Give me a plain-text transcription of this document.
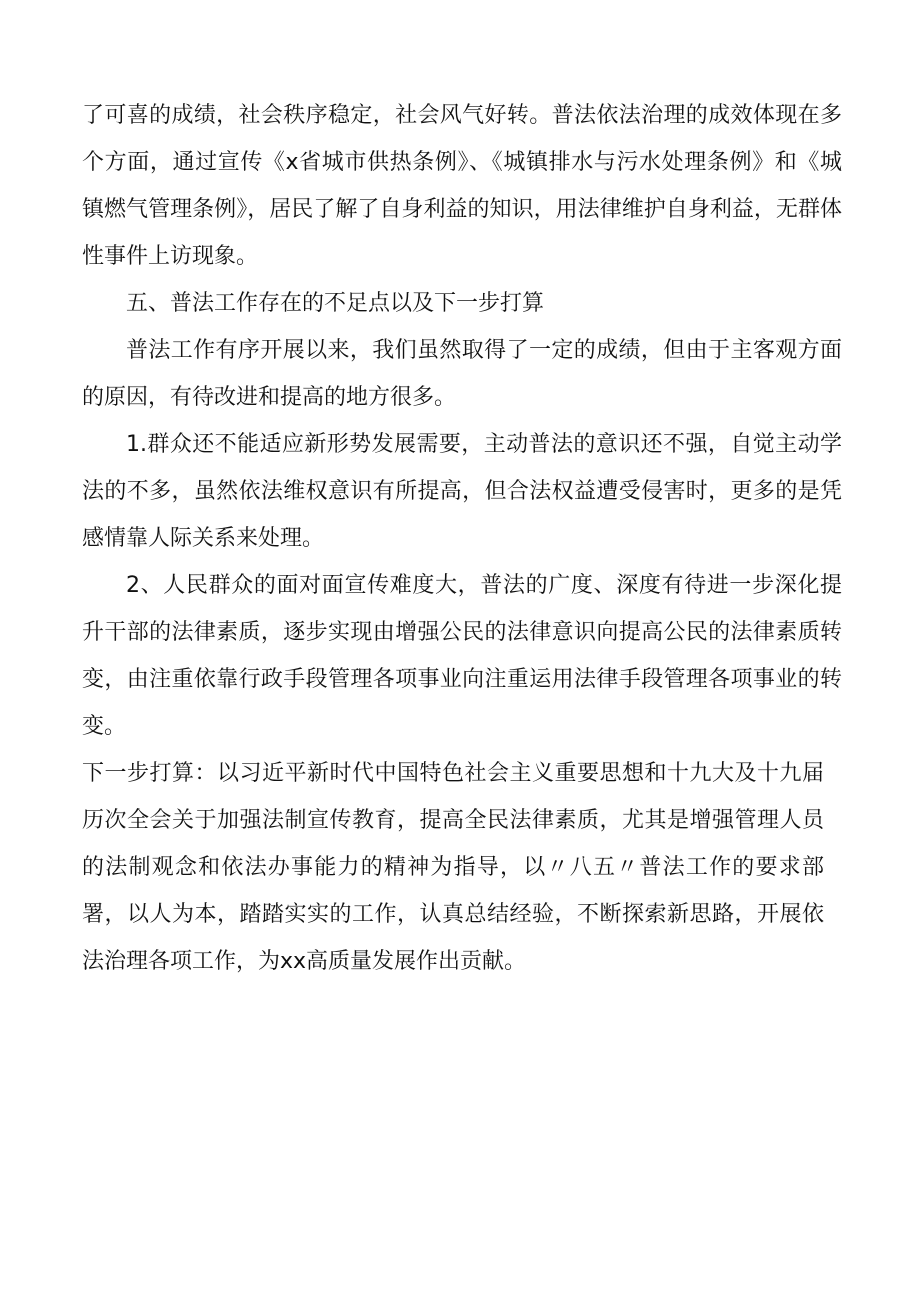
了可喜的成绩，社会秩序稳定，社会风气好转。普法依法治理的成效体现在多个方面，通过宣传《x省城市供热条例》、《城镇排水与污水处理条例》和《城镇燃气管理条例》，居民了解了自身利益的知识，用法律维护自身利益，无群体性事件上访现象。

五、普法工作存在的不足点以及下一步打算

普法工作有序开展以来，我们虽然取得了一定的成绩，但由于主客观方面的原因，有待改进和提高的地方很多。

1.群众还不能适应新形势发展需要，主动普法的意识还不强，自觉主动学法的不多，虽然依法维权意识有所提高，但合法权益遭受侵害时，更多的是凭感情靠人际关系来处理。

2、人民群众的面对面宣传难度大，普法的广度、深度有待进一步深化提升干部的法律素质，逐步实现由增强公民的法律意识向提高公民的法律素质转变，由注重依靠行政手段管理各项事业向注重运用法律手段管理各项事业的转变。

下一步打算：以习近平新时代中国特色社会主义重要思想和十九大及十九届历次全会关于加强法制宣传教育，提高全民法律素质，尤其是增强管理人员的法制观念和依法办事能力的精神为指导，以〃八五〃普法工作的要求部署，以人为本，踏踏实实的工作，认真总结经验，不断探索新思路，开展依法治理各项工作，为xx高质量发展作出贡献。
